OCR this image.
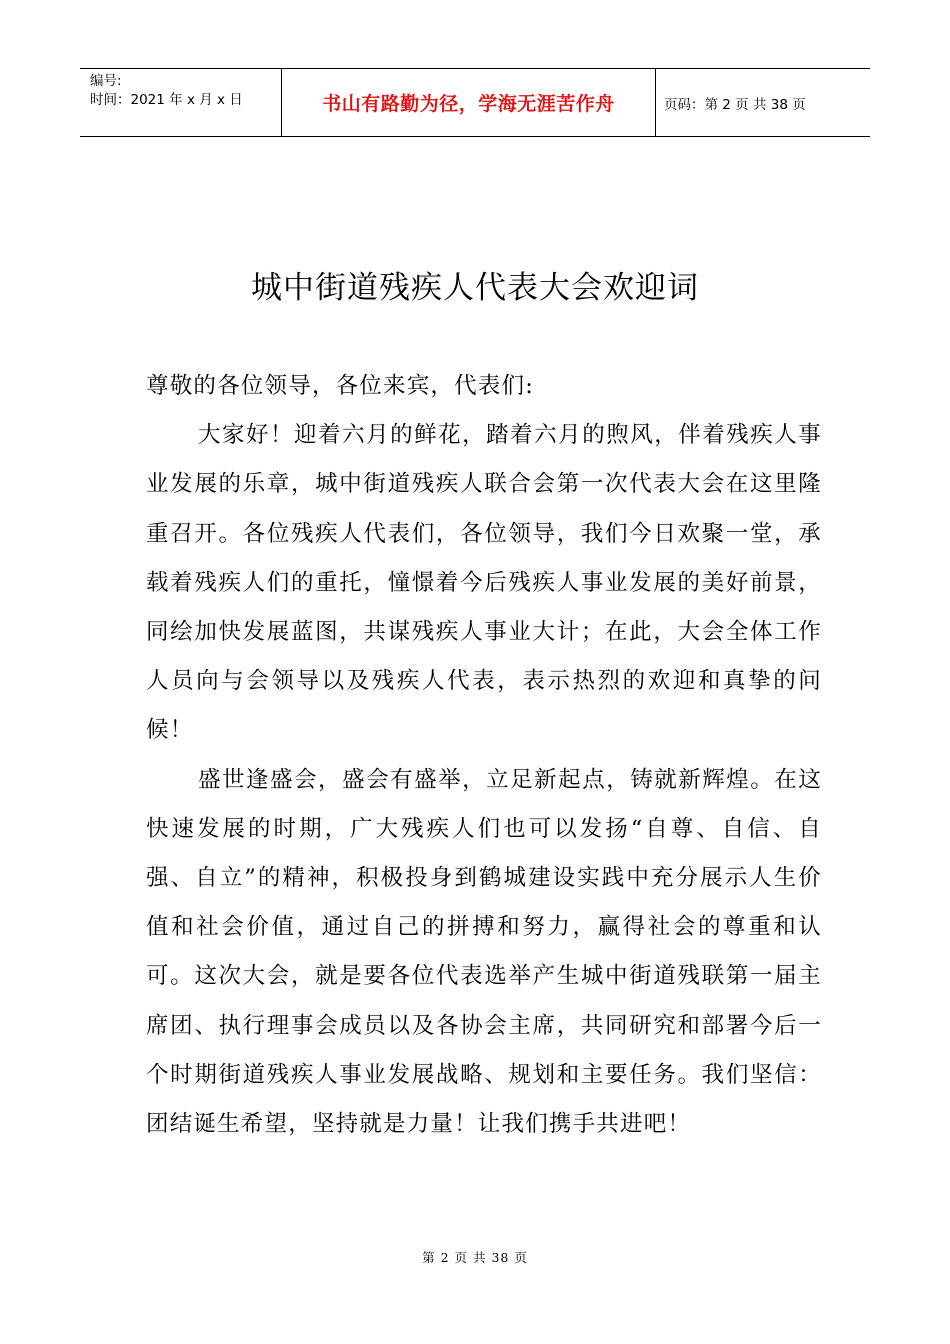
编号:
时间：2021 年 x 月 x 日	书山有路勤为径，学海无涯苦作舟	页码：第 2 页 共 38 页
城中街道残疾人代表大会欢迎词

尊敬的各位领导，各位来宾，代表们:

大家好！迎着六月的鲜花，踏着六月的煦风，伴着残疾人事业发展的乐章，城中街道残疾人联合会第一次代表大会在这里隆重召开。各位残疾人代表们，各位领导，我们今日欢聚一堂，承载着残疾人们的重托，憧憬着今后残疾人事业发展的美好前景，同绘加快发展蓝图，共谋残疾人事业大计；在此，大会全体工作人员向与会领导以及残疾人代表，表示热烈的欢迎和真挚的问候！

盛世逢盛会，盛会有盛举，立足新起点，铸就新辉煌。在这快速发展的时期，广大残疾人们也可以发扬“自尊、自信、自强、自立”的精神，积极投身到鹤城建设实践中充分展示人生价值和社会价值，通过自己的拼搏和努力，赢得社会的尊重和认可。这次大会，就是要各位代表选举产生城中街道残联第一届主席团、执行理事会成员以及各协会主席，共同研究和部署今后一个时期街道残疾人事业发展战略、规划和主要任务。我们坚信：团结诞生希望，坚持就是力量！让我们携手共进吧！

第 2 页 共 38 页
